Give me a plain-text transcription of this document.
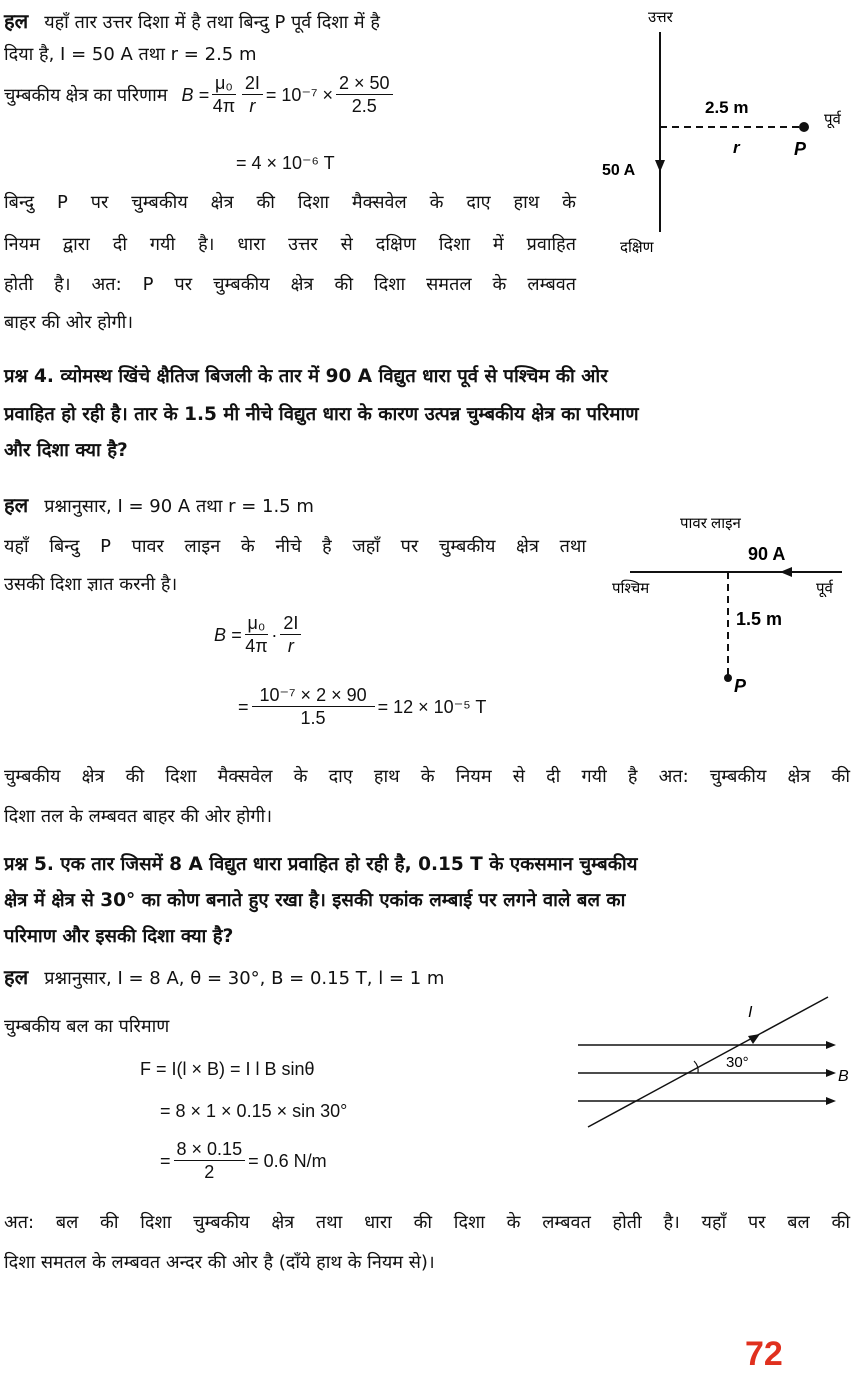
हल यहाँ तार उत्तर दिशा में है तथा बिन्दु P पूर्व दिशा में है
दिया है, I = 50 A तथा r = 2.5 m
चुम्बकीय क्षेत्र का परिणाम $B = \frac{\text{μ₀}}{4\pi} \frac{2I}{r} = 10^{-7} \times \frac{2 \times 50}{2.5}$
= 4 × 10⁻⁶ T
बिन्दु P पर चुम्बकीय क्षेत्र की दिशा मैक्सवेल के दाए हाथ के
नियम द्वारा दी गयी है। धारा उत्तर से दक्षिण दिशा में प्रवाहित
होती है। अत: P पर चुम्बकीय क्षेत्र की दिशा समतल के लम्बवत
बाहर की ओर होगी।
उत्तर
50 A
2.5 m
पूर्व
r	P
दक्षिण
प्रश्न 4. व्योमस्थ खिंचे क्षैतिज बिजली के तार में 90 A विद्युत धारा पूर्व से पश्चिम की ओर
प्रवाहित हो रही है। तार के 1.5 मी नीचे विद्युत धारा के कारण उत्पन्न चुम्बकीय क्षेत्र का परिमाण
और दिशा क्या है?
हल प्रश्नानुसार, I = 90 A तथा r = 1.5 m
यहाँ बिन्दु P पावर लाइन के नीचे है जहाँ पर चुम्बकीय क्षेत्र तथा
उसकी दिशा ज्ञात करनी है।
$B = \frac{\text{μ₀}}{4\pi} \cdot \frac{2I}{r}$
= $\frac{\text{10⁻⁷ × 2 × 90}}{1.5} = 12 \times 10^{-5}$ T
पावर लाइन
90 A
पश्चिम	पूर्व
1.5 m
P
चुम्बकीय क्षेत्र की दिशा मैक्सवेल के दाए हाथ के नियम से दी गयी है अत: चुम्बकीय क्षेत्र की
दिशा तल के लम्बवत बाहर की ओर होगी।
प्रश्न 5. एक तार जिसमें 8 A विद्युत धारा प्रवाहित हो रही है, 0.15 T के एकसमान चुम्बकीय
क्षेत्र में क्षेत्र से 30° का कोण बनाते हुए रखा है। इसकी एकांक लम्बाई पर लगने वाले बल का
परिमाण और इसकी दिशा क्या है?
हल प्रश्नानुसार, I = 8 A, θ = 30°, B = 0.15 T, l = 1 m
चुम्बकीय बल का परिमाण
F = I(l × B) = I l B sinθ
= 8 × 1 × 0.15 × sin 30°
= $\frac{8 \times 0.15}{2} = 0.6$ N/m
I
30°
B
अत: बल की दिशा चुम्बकीय क्षेत्र तथा धारा की दिशा के लम्बवत होती है। यहाँ पर बल की
दिशा समतल के लम्बवत अन्दर की ओर है (दाँये हाथ के नियम से)।
72
